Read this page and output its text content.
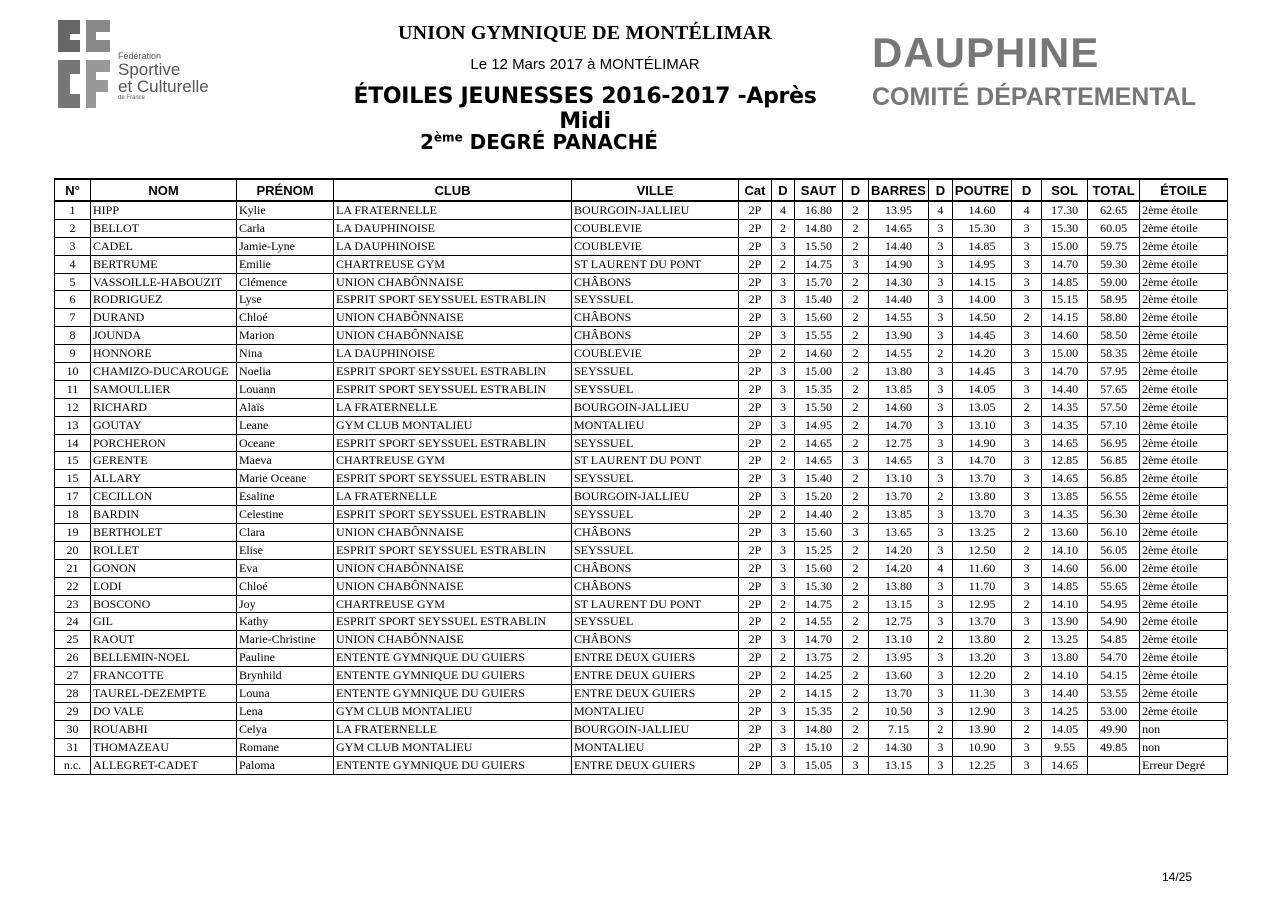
Fédération
Sportive
et Culturelle
de France
UNION GYMNIQUE DE MONTÉLIMAR
Le 12 Mars 2017 à MONTÉLIMAR
ÉTOILES JEUNESSES 2016-2017 -Après Midi
2ème DEGRÉ PANACHÉ
DAUPHINE
COMITÉ DÉPARTEMENTAL
N°	NOM	PRÉNOM	CLUB	VILLE	Cat	D	SAUT	D	BARRES	D	POUTRE	D	SOL	TOTAL	ÉTOILE
1	HIPP	Kylie	LA FRATERNELLE	BOURGOIN-JALLIEU	2P	4	16.80	2	13.95	4	14.60	4	17.30	62.65	2ème étoile
2	BELLOT	Carla	LA DAUPHINOISE	COUBLEVIE	2P	2	14.80	2	14.65	3	15.30	3	15.30	60.05	2ème étoile
3	CADEL	Jamie-Lyne	LA DAUPHINOISE	COUBLEVIE	2P	3	15.50	2	14.40	3	14.85	3	15.00	59.75	2ème étoile
4	BERTRUME	Emilie	CHARTREUSE GYM	ST LAURENT DU PONT	2P	2	14.75	3	14.90	3	14.95	3	14.70	59.30	2ème étoile
5	VASSOILLE-HABOUZIT	Clémence	UNION CHABÔNNAISE	CHÂBONS	2P	3	15.70	2	14.30	3	14.15	3	14.85	59.00	2ème étoile
6	RODRIGUEZ	Lyse	ESPRIT SPORT SEYSSUEL ESTRABLIN	SEYSSUEL	2P	3	15.40	2	14.40	3	14.00	3	15.15	58.95	2ème étoile
7	DURAND	Chloé	UNION CHABÔNNAISE	CHÂBONS	2P	3	15.60	2	14.55	3	14.50	2	14.15	58.80	2ème étoile
8	JOUNDA	Marion	UNION CHABÔNNAISE	CHÂBONS	2P	3	15.55	2	13.90	3	14.45	3	14.60	58.50	2ème étoile
9	HONNORE	Nina	LA DAUPHINOISE	COUBLEVIE	2P	2	14.60	2	14.55	2	14.20	3	15.00	58.35	2ème étoile
10	CHAMIZO-DUCAROUGE	Noelia	ESPRIT SPORT SEYSSUEL ESTRABLIN	SEYSSUEL	2P	3	15.00	2	13.80	3	14.45	3	14.70	57.95	2ème étoile
11	SAMOULLIER	Louann	ESPRIT SPORT SEYSSUEL ESTRABLIN	SEYSSUEL	2P	3	15.35	2	13.85	3	14.05	3	14.40	57.65	2ème étoile
12	RICHARD	Alaïs	LA FRATERNELLE	BOURGOIN-JALLIEU	2P	3	15.50	2	14.60	3	13.05	2	14.35	57.50	2ème étoile
13	GOUTAY	Leane	GYM CLUB MONTALIEU	MONTALIEU	2P	3	14.95	2	14.70	3	13.10	3	14.35	57.10	2ème étoile
14	PORCHERON	Oceane	ESPRIT SPORT SEYSSUEL ESTRABLIN	SEYSSUEL	2P	2	14.65	2	12.75	3	14.90	3	14.65	56.95	2ème étoile
15	GERENTE	Maeva	CHARTREUSE GYM	ST LAURENT DU PONT	2P	2	14.65	3	14.65	3	14.70	3	12.85	56.85	2ème étoile
15	ALLARY	Marie Oceane	ESPRIT SPORT SEYSSUEL ESTRABLIN	SEYSSUEL	2P	3	15.40	2	13.10	3	13.70	3	14.65	56.85	2ème étoile
17	CECILLON	Esaline	LA FRATERNELLE	BOURGOIN-JALLIEU	2P	3	15.20	2	13.70	2	13.80	3	13.85	56.55	2ème étoile
18	BARDIN	Celestine	ESPRIT SPORT SEYSSUEL ESTRABLIN	SEYSSUEL	2P	2	14.40	2	13.85	3	13.70	3	14.35	56.30	2ème étoile
19	BERTHOLET	Clara	UNION CHABÔNNAISE	CHÂBONS	2P	3	15.60	3	13.65	3	13.25	2	13.60	56.10	2ème étoile
20	ROLLET	Elise	ESPRIT SPORT SEYSSUEL ESTRABLIN	SEYSSUEL	2P	3	15.25	2	14.20	3	12.50	2	14.10	56.05	2ème étoile
21	GONON	Eva	UNION CHABÔNNAISE	CHÂBONS	2P	3	15.60	2	14.20	4	11.60	3	14.60	56.00	2ème étoile
22	LODI	Chloé	UNION CHABÔNNAISE	CHÂBONS	2P	3	15.30	2	13.80	3	11.70	3	14.85	55.65	2ème étoile
23	BOSCONO	Joy	CHARTREUSE GYM	ST LAURENT DU PONT	2P	2	14.75	2	13.15	3	12.95	2	14.10	54.95	2ème étoile
24	GIL	Kathy	ESPRIT SPORT SEYSSUEL ESTRABLIN	SEYSSUEL	2P	2	14.55	2	12.75	3	13.70	3	13.90	54.90	2ème étoile
25	RAOUT	Marie-Christine	UNION CHABÔNNAISE	CHÂBONS	2P	3	14.70	2	13.10	2	13.80	2	13.25	54.85	2ème étoile
26	BELLEMIN-NOEL	Pauline	ENTENTE GYMNIQUE DU GUIERS	ENTRE DEUX GUIERS	2P	2	13.75	2	13.95	3	13.20	3	13.80	54.70	2ème étoile
27	FRANCOTTE	Brynhild	ENTENTE GYMNIQUE DU GUIERS	ENTRE DEUX GUIERS	2P	2	14.25	2	13.60	3	12.20	2	14.10	54.15	2ème étoile
28	TAUREL-DEZEMPTE	Louna	ENTENTE GYMNIQUE DU GUIERS	ENTRE DEUX GUIERS	2P	2	14.15	2	13.70	3	11.30	3	14.40	53.55	2ème étoile
29	DO VALE	Lena	GYM CLUB MONTALIEU	MONTALIEU	2P	3	15.35	2	10.50	3	12.90	3	14.25	53.00	2ème étoile
30	ROUABHI	Celya	LA FRATERNELLE	BOURGOIN-JALLIEU	2P	3	14.80	2	7.15	2	13.90	2	14.05	49.90	non
31	THOMAZEAU	Romane	GYM CLUB MONTALIEU	MONTALIEU	2P	3	15.10	2	14.30	3	10.90	3	9.55	49.85	non
n.c.	ALLEGRET-CADET	Paloma	ENTENTE GYMNIQUE DU GUIERS	ENTRE DEUX GUIERS	2P	3	15.05	3	13.15	3	12.25	3	14.65		Erreur Degré
14/25
